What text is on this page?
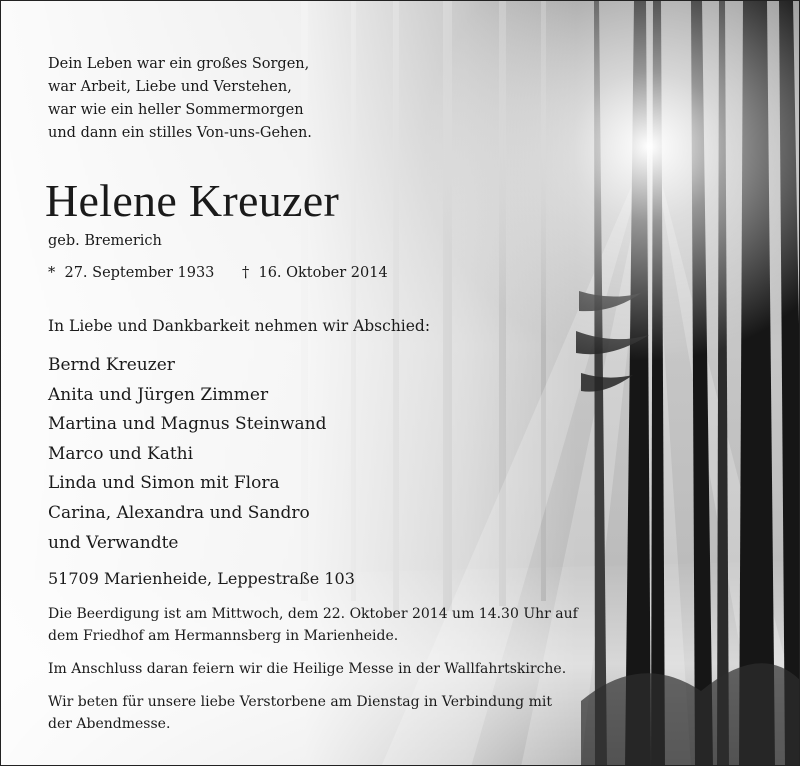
Dein Leben war ein großes Sorgen,
war Arbeit, Liebe und Verstehen,
war wie ein heller Sommermorgen
und dann ein stilles Von-uns-Gehen.

Helene Kreuzer

geb. Bremerich

* 27. September 1933 † 16. Oktober 2014

In Liebe und Dankbarkeit nehmen wir Abschied:

Bernd Kreuzer
Anita und Jürgen Zimmer
Martina und Magnus Steinwand
Marco und Kathi
Linda und Simon mit Flora
Carina, Alexandra und Sandro
und Verwandte

51709 Marienheide, Leppestraße 103

Die Beerdigung ist am Mittwoch, dem 22. Oktober 2014 um 14.30 Uhr auf
dem Friedhof am Hermannsberg in Marienheide.

Im Anschluss daran feiern wir die Heilige Messe in der Wallfahrtskirche.

Wir beten für unsere liebe Verstorbene am Dienstag in Verbindung mit
der Abendmesse.
